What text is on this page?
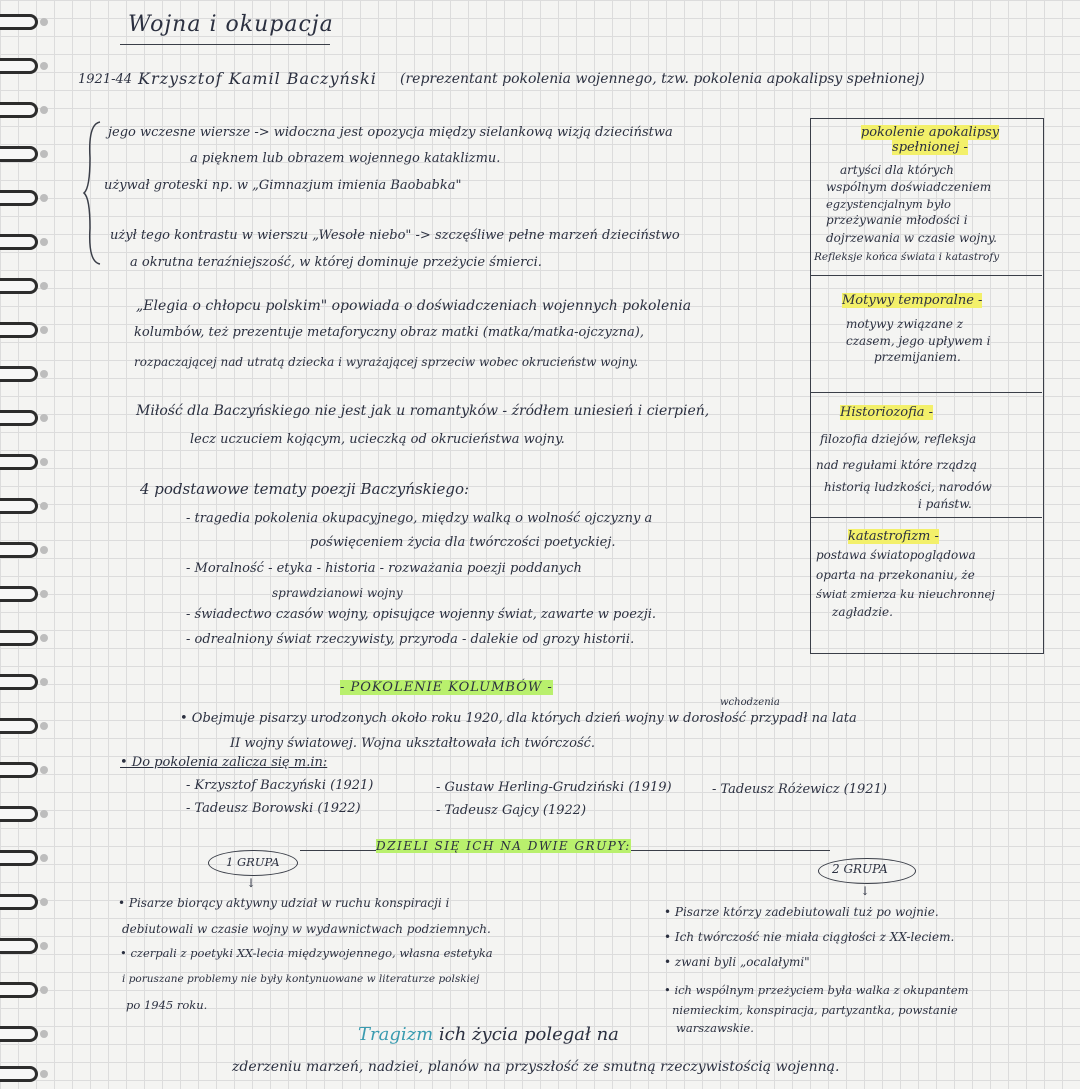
Wojna i okupacja
1921-44 Krzysztof Kamil Baczyński (reprezentant pokolenia wojennego, tzw. pokolenia apokalipsy spełnionej)
jego wczesne wiersze -> widoczna jest opozycja między sielankową wizją dzieciństwa
a pięknem lub obrazem wojennego kataklizmu.
używał groteski np. w „Gimnazjum imienia Baobabka"
użył tego kontrastu w wierszu „Wesołe niebo" -> szczęśliwe pełne marzeń dzieciństwo
a okrutna teraźniejszość, w której dominuje przeżycie śmierci.
pokolenie apokalipsy spełnionej -
artyści dla których
wspólnym doświadczeniem
egzystencjalnym było
przeżywanie młodości i
dojrzewania w czasie wojny.
Refleksje końca świata i katastrofy
Motywy temporalne -
motywy związane z
czasem, jego upływem i
przemijaniem.
Historiozofia -
filozofia dziejów, refleksja
nad regułami które rządzą
historią ludzkości, narodów
i państw.
katastrofizm -
postawa światopoglądowa
oparta na przekonaniu, że
świat zmierza ku nieuchronnej
zagładzie.
„Elegia o chłopcu polskim" opowiada o doświadczeniach wojennych pokolenia
kolumbów, też prezentuje metaforyczny obraz matki (matka/matka-ojczyzna),
rozpaczającej nad utratą dziecka i wyrażającej sprzeciw wobec okrucieństw wojny.
Miłość dla Baczyńskiego nie jest jak u romantyków - źródłem uniesień i cierpień,
lecz uczuciem kojącym, ucieczką od okrucieństwa wojny.
4 podstawowe tematy poezji Baczyńskiego:
- tragedia pokolenia okupacyjnego, między walką o wolność ojczyzny a
poświęceniem życia dla twórczości poetyckiej.
- Moralność - etyka - historia - rozważania poezji poddanych
sprawdzianowi wojny
- świadectwo czasów wojny, opisujące wojenny świat, zawarte w poezji.
- odrealniony świat rzeczywisty, przyroda - dalekie od grozy historii.
- POKOLENIE KOLUMBÓW -
wchodzenia
• Obejmuje pisarzy urodzonych około roku 1920, dla których dzień wojny w dorosłość przypadł na lata
II wojny światowej. Wojna ukształtowała ich twórczość.
• Do pokolenia zalicza się m.in:
- Krzysztof Baczyński (1921)	- Gustaw Herling-Grudziński (1919)	- Tadeusz Różewicz (1921)
- Tadeusz Borowski (1922)	- Tadeusz Gajcy (1922)
DZIELI SIĘ ICH NA DWIE GRUPY:
1 GRUPA	2 GRUPA
↓
↓
• Pisarze biorący aktywny udział w ruchu konspiracji i
debiutowali w czasie wojny w wydawnictwach podziemnych.
• czerpali z poetyki XX-lecia międzywojennego, własna estetyka
i poruszane problemy nie były kontynuowane w literaturze polskiej
po 1945 roku.
• Pisarze którzy zadebiutowali tuż po wojnie.
• Ich twórczość nie miała ciągłości z XX-leciem.
• zwani byli „ocalałymi"
• ich wspólnym przeżyciem była walka z okupantem
niemieckim, konspiracja, partyzantka, powstanie
warszawskie.
Tragizm ich życia polegał na
zderzeniu marzeń, nadziei, planów na przyszłość ze smutną rzeczywistością wojenną.
